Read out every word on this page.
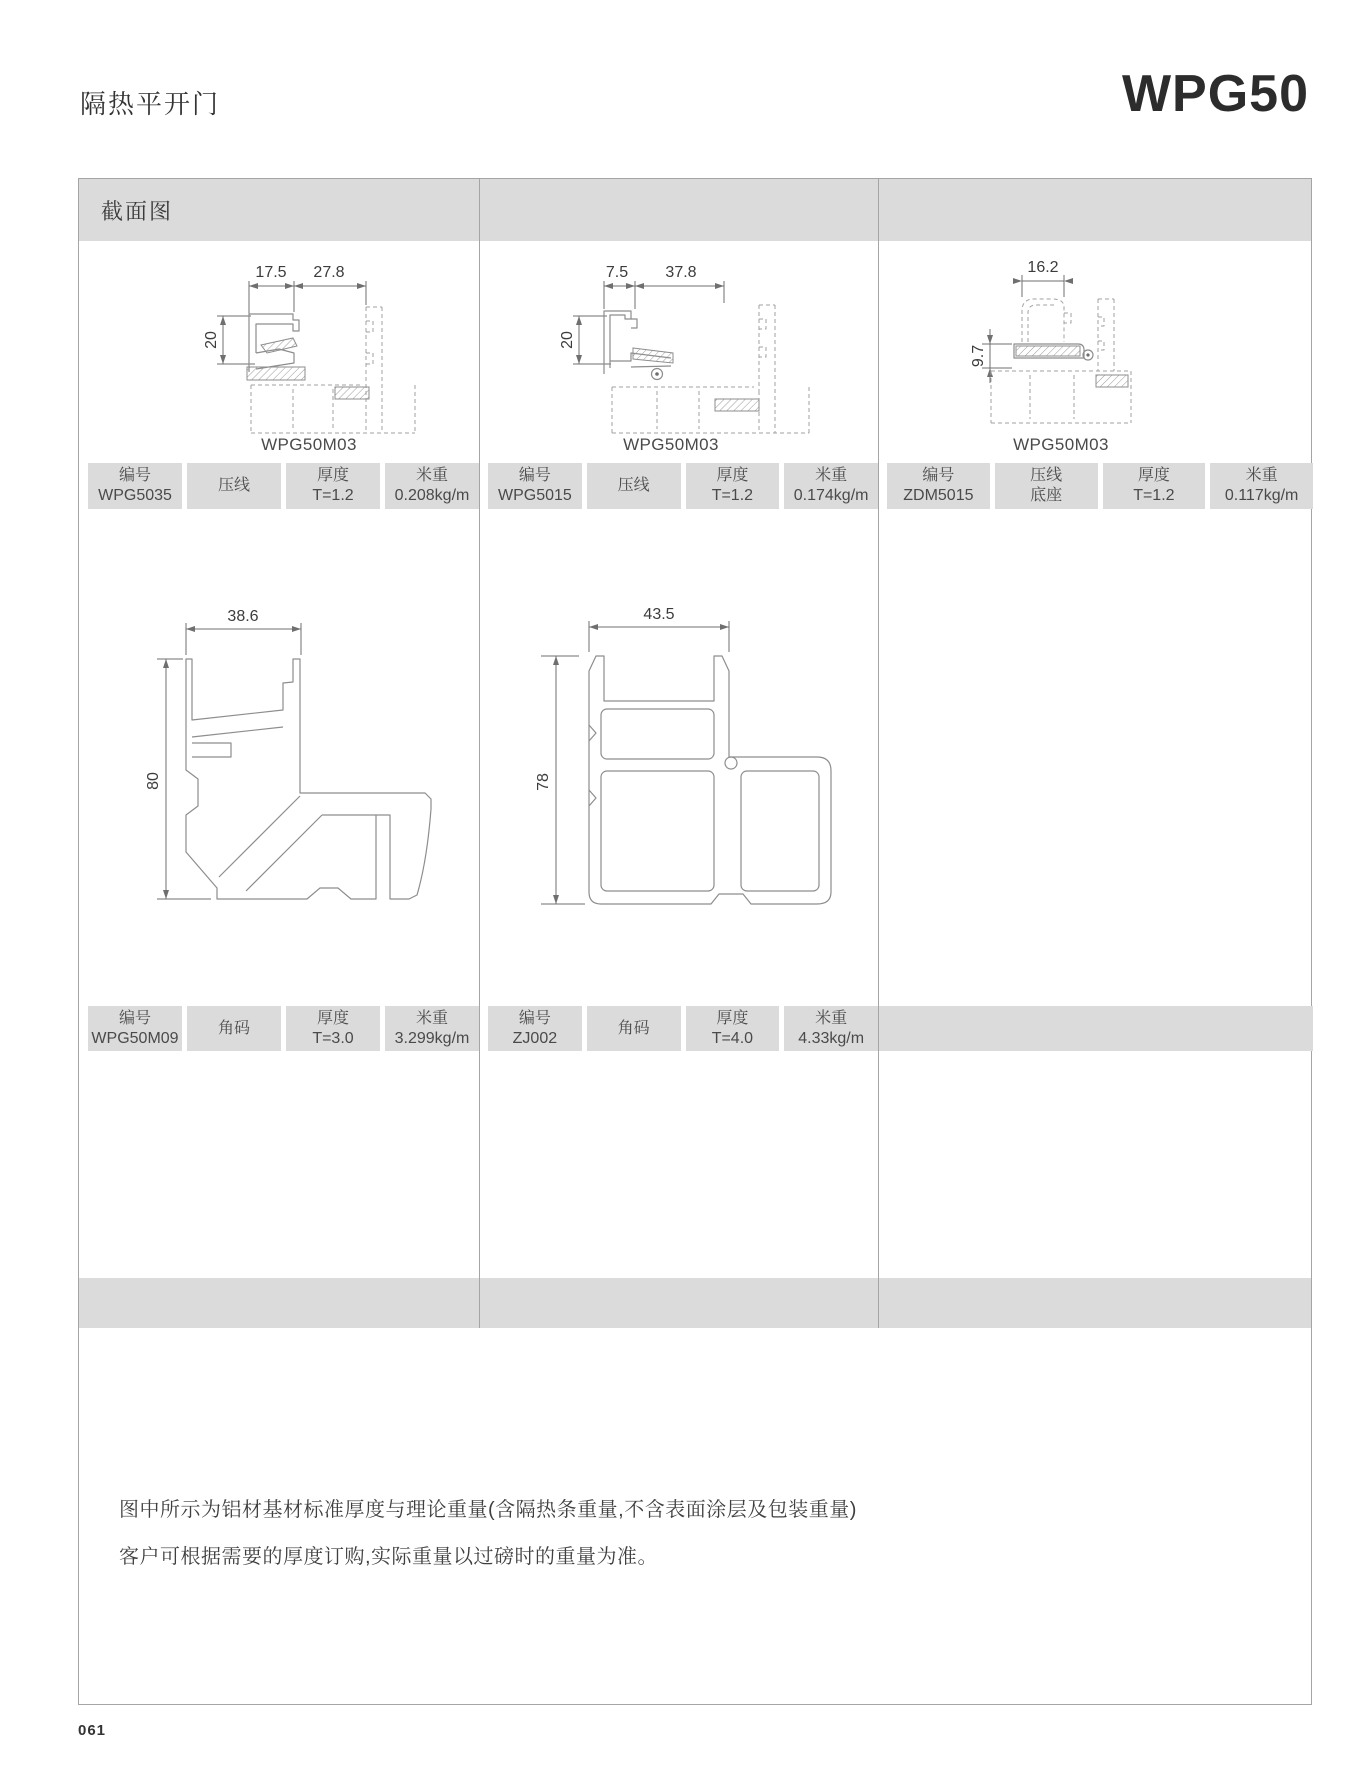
隔热平开门	WPG50
截面图
17.5 27.8
20
WPG50M03
7.5 37.8
20
WPG50M03
16.2
9.7
WPG50M03
编号
WPG5035
压线
厚度
T=1.2
米重
0.208kg/m
编号
WPG5015
压线
厚度
T=1.2
米重
0.174kg/m
编号
ZDM5015
压线
底座
厚度
T=1.2
米重
0.117kg/m
38.6
80
43.5
78
编号
WPG50M09
角码
厚度
T=3.0
米重
3.299kg/m
编号
ZJ002
角码
厚度
T=4.0
米重
4.33kg/m
图中所示为铝材基材标准厚度与理论重量(含隔热条重量,不含表面涂层及包装重量)
客户可根据需要的厚度订购,实际重量以过磅时的重量为准。
061
